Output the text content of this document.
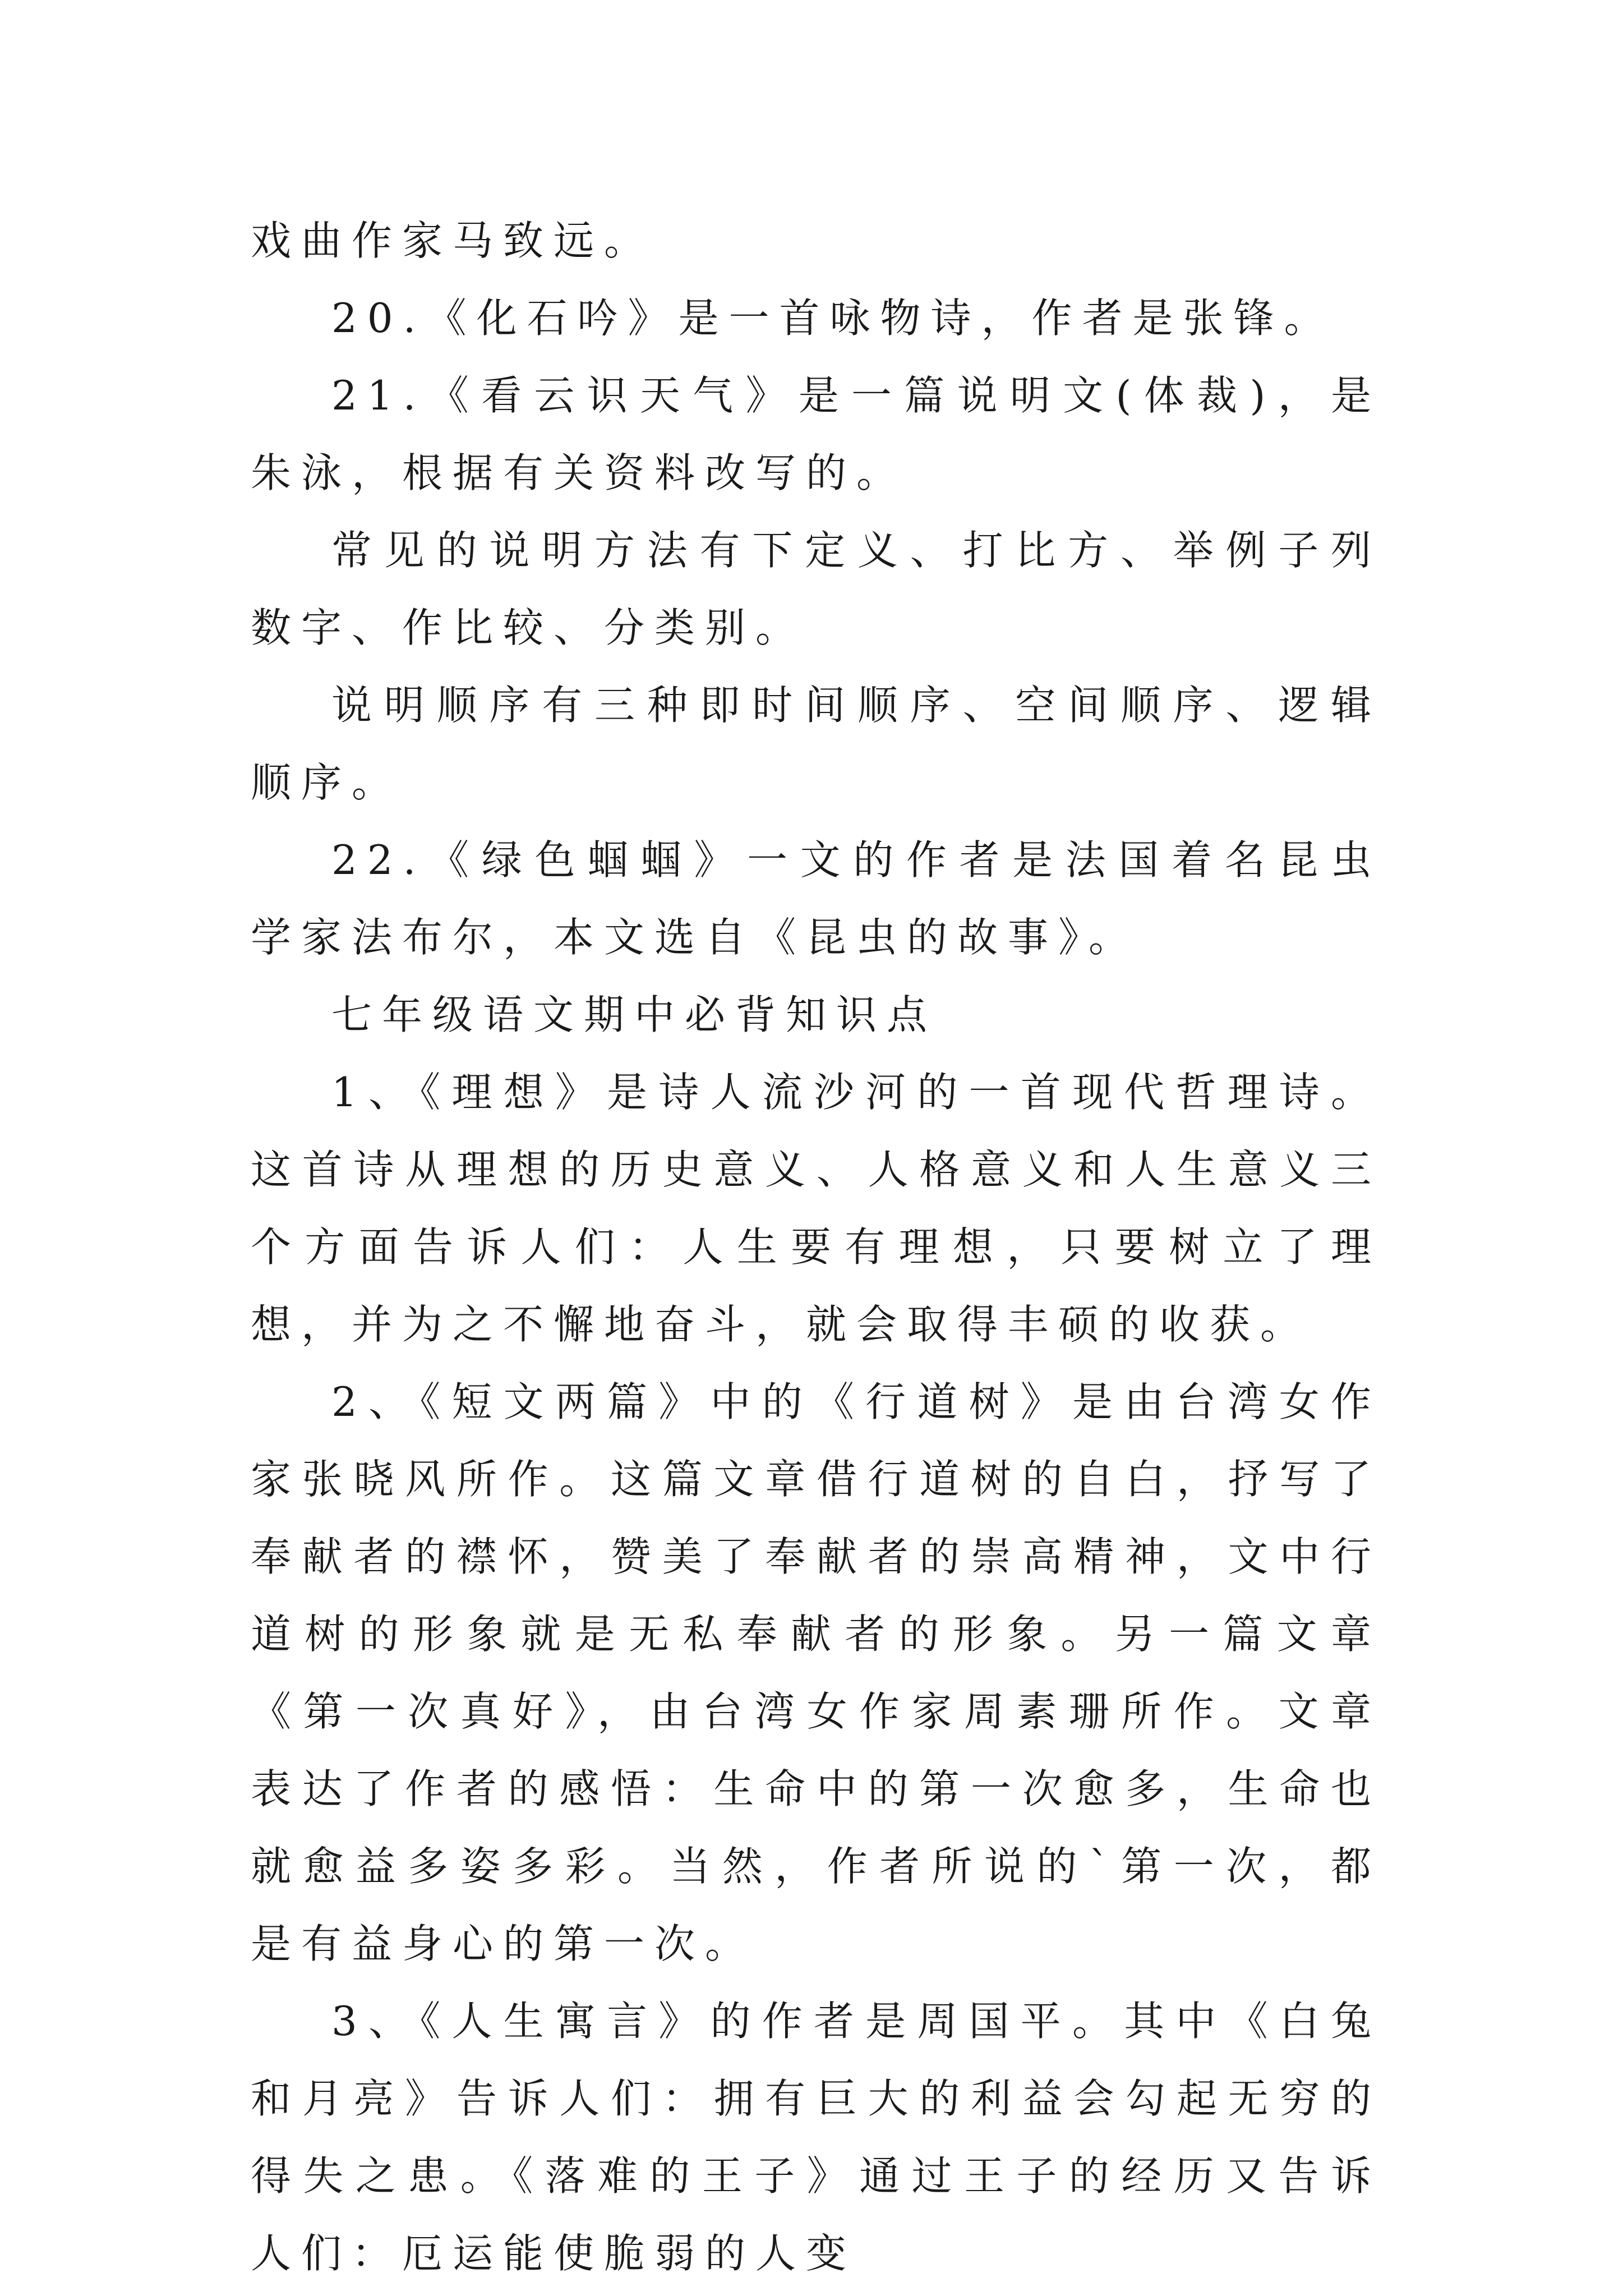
戏曲作家马致远。

20.《化石吟》是一首咏物诗，作者是张锋。

21.《看云识天气》是一篇说明文(体裁)，是朱泳，根据有关资料改写的。

常见的说明方法有下定义、打比方、举例子列数字、作比较、分类别。

说明顺序有三种即时间顺序、空间顺序、逻辑顺序。

22.《绿色蝈蝈》一文的作者是法国着名昆虫学家法布尔，本文选自《昆虫的故事》。

七年级语文期中必背知识点

1、《理想》是诗人流沙河的一首现代哲理诗。这首诗从理想的历史意义、人格意义和人生意义三个方面告诉人们：人生要有理想，只要树立了理想，并为之不懈地奋斗，就会取得丰硕的收获。

2、《短文两篇》中的《行道树》是由台湾女作家张晓风所作。这篇文章借行道树的自白，抒写了奉献者的襟怀，赞美了奉献者的崇高精神，文中行道树的形象就是无私奉献者的形象。另一篇文章《第一次真好》，由台湾女作家周素珊所作。文章表达了作者的感悟：生命中的第一次愈多，生命也就愈益多姿多彩。当然，作者所说的`第一次，都是有益身心的第一次。

3、《人生寓言》的作者是周国平。其中《白兔和月亮》告诉人们：拥有巨大的利益会勾起无穷的得失之患。《落难的王子》通过王子的经历又告诉人们：厄运能使脆弱的人变
